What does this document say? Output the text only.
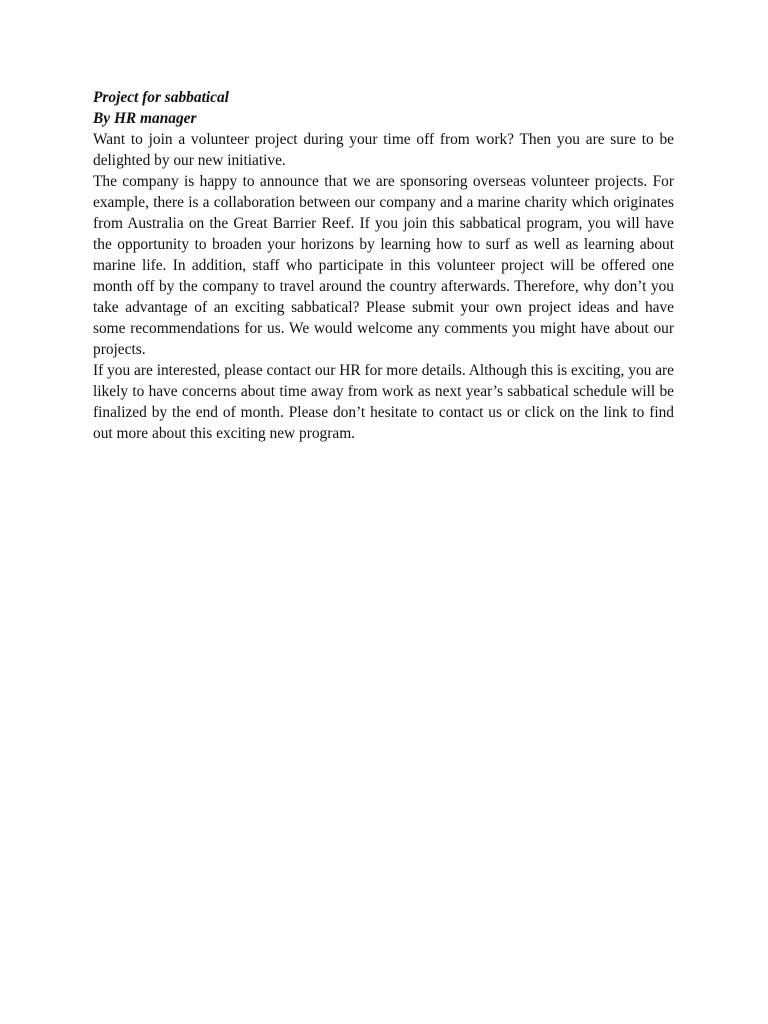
Project for sabbatical

By HR manager

Want to join a volunteer project during your time off from work? Then you are sure to be delighted by our new initiative.

The company is happy to announce that we are sponsoring overseas volunteer projects. For example, there is a collaboration between our company and a marine charity which originates from Australia on the Great Barrier Reef. If you join this sabbatical program, you will have the opportunity to broaden your horizons by learning how to surf as well as learning about marine life. In addition, staff who participate in this volunteer project will be offered one month off by the company to travel around the country afterwards. Therefore, why don’t you take advantage of an exciting sabbatical? Please submit your own project ideas and have some recommendations for us. We would welcome any comments you might have about our projects.

If you are interested, please contact our HR for more details. Although this is exciting, you are likely to have concerns about time away from work as next year’s sabbatical schedule will be finalized by the end of month. Please don’t hesitate to contact us or click on the link to find out more about this exciting new program.
